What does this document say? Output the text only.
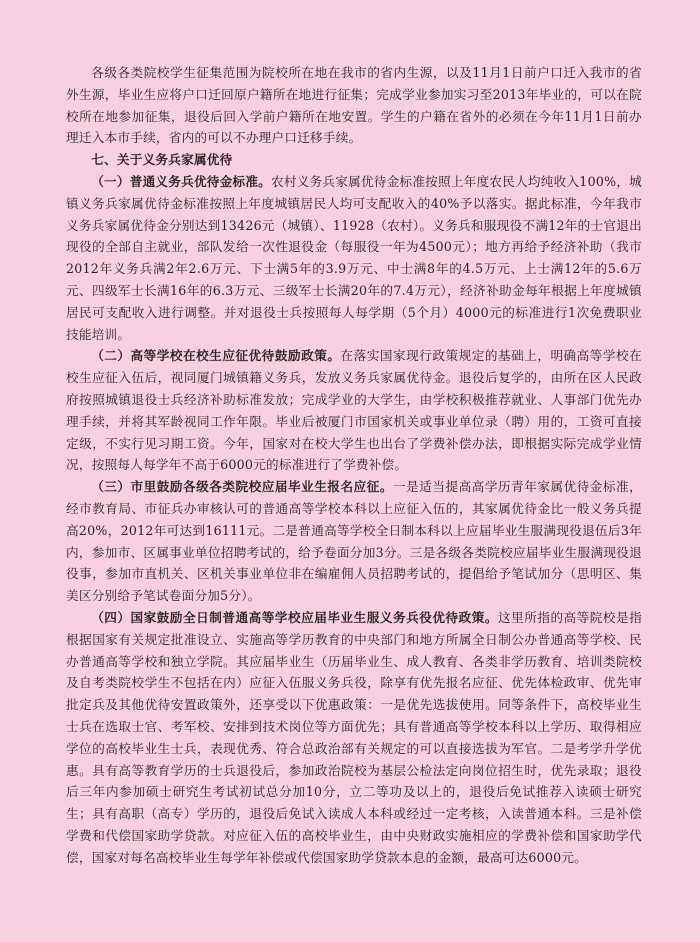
各级各类院校学生征集范围为院校所在地在我市的省内生源，以及11月1日前户口迁入我市的省外生源，毕业生应将户口迁回原户籍所在地进行征集；完成学业参加实习至2013年毕业的，可以在院校所在地参加征集，退役后回入学前户籍所在地安置。学生的户籍在省外的必须在今年11月1日前办理迁入本市手续，省内的可以不办理户口迁移手续。

七、关于义务兵家属优待

（一）普通义务兵优待金标准。农村义务兵家属优待金标准按照上年度农民人均纯收入100%，城镇义务兵家属优待金标准按照上年度城镇居民人均可支配收入的40%予以落实。据此标准，今年我市义务兵家属优待金分别达到13426元（城镇）、11928（农村）。义务兵和服现役不满12年的士官退出现役的全部自主就业，部队发给一次性退役金（每服役一年为4500元）；地方再给予经济补助（我市2012年义务兵满2年2.6万元、下士满5年的3.9万元、中士满8年的4.5万元、上士满12年的5.6万元、四级军士长满16年的6.3万元、三级军士长满20年的7.4万元），经济补助金每年根据上年度城镇居民可支配收入进行调整。并对退役士兵按照每人每学期（5个月）4000元的标准进行1次免费职业技能培训。

（二）高等学校在校生应征优待鼓励政策。在落实国家现行政策规定的基础上，明确高等学校在校生应征入伍后，视同厦门城镇籍义务兵，发放义务兵家属优待金。退役后复学的，由所在区人民政府按照城镇退役士兵经济补助标准发放；完成学业的大学生，由学校积极推荐就业、人事部门优先办理手续，并将其军龄视同工作年限。毕业后被厦门市国家机关或事业单位录（聘）用的，工资可直接定级，不实行见习期工资。今年，国家对在校大学生也出台了学费补偿办法，即根据实际完成学业情况，按照每人每学年不高于6000元的标准进行了学费补偿。

（三）市里鼓励各级各类院校应届毕业生报名应征。一是适当提高高学历青年家属优待金标准，经市教育局、市征兵办审核认可的普通高等学校本科以上应征入伍的，其家属优待金比一般义务兵提高20%，2012年可达到16111元。二是普通高等学校全日制本科以上应届毕业生服满现役退伍后3年内，参加市、区属事业单位招聘考试的，给予卷面分加3分。三是各级各类院校应届毕业生服满现役退役事，参加市直机关、区机关事业单位非在编雇佣人员招聘考试的，提倡给予笔试加分（思明区、集美区分别给予笔试卷面分加5分）。

（四）国家鼓励全日制普通高等学校应届毕业生服义务兵役优待政策。这里所指的高等院校是指根据国家有关规定批准设立、实施高等学历教育的中央部门和地方所属全日制公办普通高等学校、民办普通高等学校和独立学院。其应届毕业生（历届毕业生、成人教育、各类非学历教育、培训类院校及自考类院校学生不包括在内）应征入伍服义务兵役，除享有优先报名应征、优先体检政审、优先审批定兵及其他优待安置政策外，还享受以下优惠政策：一是优先选拔使用。同等条件下，高校毕业生士兵在选取士官、考军校、安排到技术岗位等方面优先；具有普通高等学校本科以上学历、取得相应学位的高校毕业生士兵，表现优秀、符合总政治部有关规定的可以直接选拔为军官。二是考学升学优惠。具有高等教育学历的士兵退役后，参加政治院校为基层公检法定向岗位招生时，优先录取；退役后三年内参加硕士研究生考试初试总分加10分，立二等功及以上的，退役后免试推荐入读硕士研究生；具有高职（高专）学历的，退役后免试入读成人本科或经过一定考核，入读普通本科。三是补偿学费和代偿国家助学贷款。对应征入伍的高校毕业生，由中央财政实施相应的学费补偿和国家助学代偿，国家对每名高校毕业生每学年补偿或代偿国家助学贷款本息的金额，最高可达6000元。
